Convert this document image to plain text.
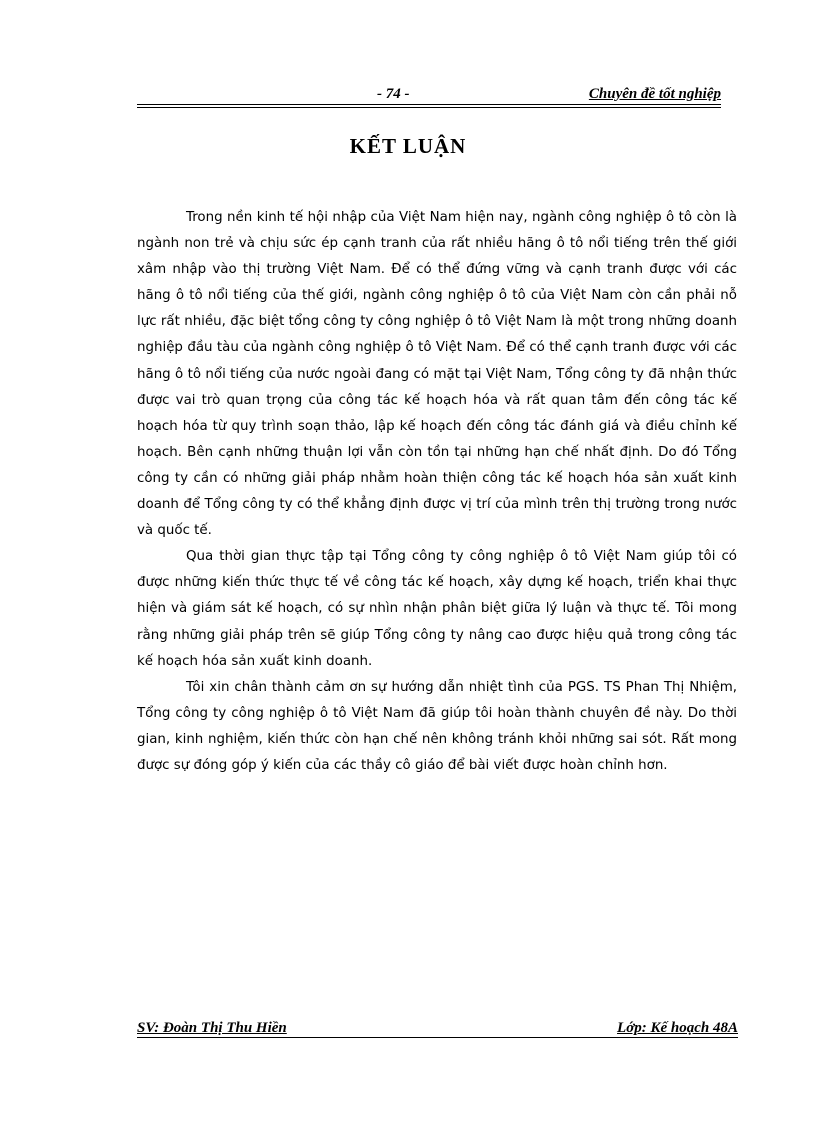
- 74 -	Chuyên đề tốt nghiệp
KẾT LUẬN

Trong nền kinh tế hội nhập của Việt Nam hiện nay, ngành công nghiệp ô tô còn là ngành non trẻ và chịu sức ép cạnh tranh của rất nhiều hãng ô tô nổi tiếng trên thế giới xâm nhập vào thị trường Việt Nam. Để có thể đứng vững và cạnh tranh được với các hãng ô tô nổi tiếng của thế giới, ngành công nghiệp ô tô của Việt Nam còn cần phải nỗ lực rất nhiều, đặc biệt tổng công ty công nghiệp ô tô Việt Nam là một trong những doanh nghiệp đầu tàu của ngành công nghiệp ô tô Việt Nam. Để có thể cạnh tranh được với các hãng ô tô nổi tiếng của nước ngoài đang có mặt tại Việt Nam, Tổng công ty đã nhận thức được vai trò quan trọng của công tác kế hoạch hóa và rất quan tâm đến công tác kế hoạch hóa từ quy trình soạn thảo, lập kế hoạch đến công tác đánh giá và điều chỉnh kế hoạch. Bên cạnh những thuận lợi vẫn còn tồn tại những hạn chế nhất định. Do đó Tổng công ty cần có những giải pháp nhằm hoàn thiện công tác kế hoạch hóa sản xuất kinh doanh để Tổng công ty có thể khẳng định được vị trí của mình trên thị trường trong nước và quốc tế.

Qua thời gian thực tập tại Tổng công ty công nghiệp ô tô Việt Nam giúp tôi có được những kiến thức thực tế về công tác kế hoạch, xây dựng kế hoạch, triển khai thực hiện và giám sát kế hoạch, có sự nhìn nhận phân biệt giữa lý luận và thực tế. Tôi mong rằng những giải pháp trên sẽ giúp Tổng công ty nâng cao được hiệu quả trong công tác kế hoạch hóa sản xuất kinh doanh.

Tôi xin chân thành cảm ơn sự hướng dẫn nhiệt tình của PGS. TS Phan Thị Nhiệm, Tổng công ty công nghiệp ô tô Việt Nam đã giúp tôi hoàn thành chuyên đề này. Do thời gian, kinh nghiệm, kiến thức còn hạn chế nên không tránh khỏi những sai sót. Rất mong được sự đóng góp ý kiến của các thầy cô giáo để bài viết được hoàn chỉnh hơn.

SV: Đoàn Thị Thu Hiền	Lớp: Kế hoạch 48A
